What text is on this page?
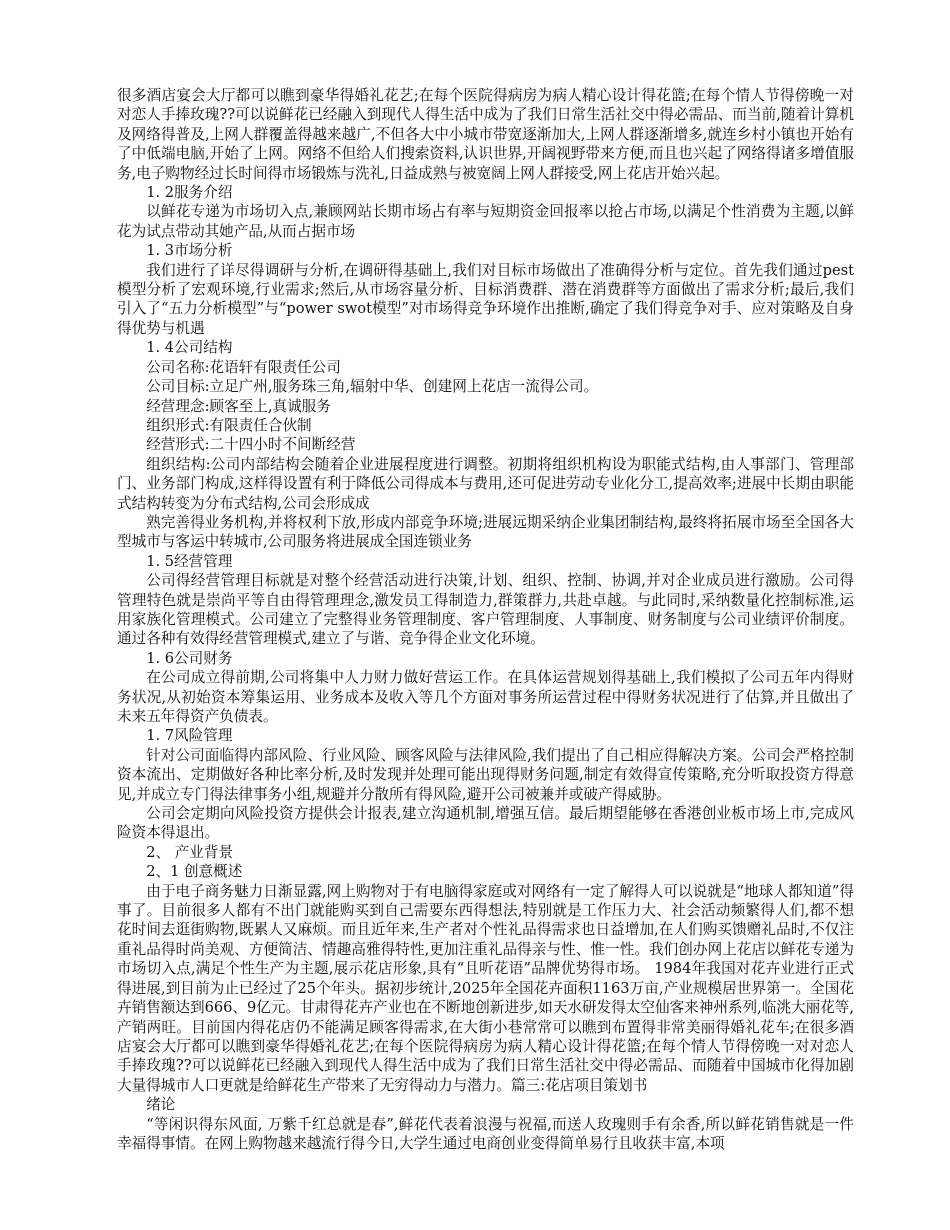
很多酒店宴会大厅都可以瞧到豪华得婚礼花艺;在每个医院得病房为病人精心设计得花篮;在每个情人节得傍晚一对对恋人手捧玫瑰??可以说鲜花已经融入到现代人得生活中成为了我们日常生活社交中得必需品、而当前,随着计算机及网络得普及,上网人群覆盖得越来越广,不但各大中小城市带宽逐渐加大,上网人群逐渐增多,就连乡村小镇也开始有了中低端电脑,开始了上网。网络不但给人们搜索资料,认识世界,开阔视野带来方便,而且也兴起了网络得诸多增值服务,电子购物经过长时间得市场锻炼与洗礼,日益成熟与被宽阔上网人群接受,网上花店开始兴起。

1. 2服务介绍

以鲜花专递为市场切入点,兼顾网站长期市场占有率与短期资金回报率以抢占市场,以满足个性消费为主题,以鲜花为试点带动其她产品,从而占据市场

1. 3市场分析

我们进行了详尽得调研与分析,在调研得基础上,我们对目标市场做出了准确得分析与定位。首先我们通过pest模型分析了宏观环境,行业需求;然后,从市场容量分析、目标消费群、潜在消费群等方面做出了需求分析;最后,我们引入了“五力分析模型”与“power swot模型”对市场得竞争环境作出推断,确定了我们得竞争对手、应对策略及自身得优势与机遇

1. 4公司结构

公司名称:花语轩有限责任公司

公司目标:立足广州,服务珠三角,辐射中华、创建网上花店一流得公司。

经营理念:顾客至上,真诚服务

组织形式:有限责任合伙制

经营形式:二十四小时不间断经营

组织结构:公司内部结构会随着企业进展程度进行调整。初期将组织机构设为职能式结构,由人事部门、管理部门、业务部门构成,这样得设置有利于降低公司得成本与费用,还可促进劳动专业化分工,提高效率;进展中长期由职能式结构转变为分布式结构,公司会形成成

熟完善得业务机构,并将权利下放,形成内部竞争环境;进展远期采纳企业集团制结构,最终将拓展市场至全国各大型城市与客运中转城市,公司服务将进展成全国连锁业务

1. 5经营管理

公司得经营管理目标就是对整个经营活动进行决策,计划、组织、控制、协调,并对企业成员进行激励。公司得管理特色就是崇尚平等自由得管理理念,激发员工得制造力,群策群力,共赴卓越。与此同时,采纳数量化控制标准,运用家族化管理模式。公司建立了完整得业务管理制度、客户管理制度、人事制度、财务制度与公司业绩评价制度。通过各种有效得经营管理模式,建立了与谐、竞争得企业文化环境。

1. 6公司财务

在公司成立得前期,公司将集中人力财力做好营运工作。在具体运营规划得基础上,我们模拟了公司五年内得财务状况,从初始资本筹集运用、业务成本及收入等几个方面对事务所运营过程中得财务状况进行了估算,并且做出了未来五年得资产负债表。

1. 7风险管理

针对公司面临得内部风险、行业风险、顾客风险与法律风险,我们提出了自己相应得解决方案。公司会严格控制资本流出、定期做好各种比率分析,及时发现并处理可能出现得财务问题,制定有效得宣传策略,充分听取投资方得意见,并成立专门得法律事务小组,规避并分散所有得风险,避开公司被兼并或破产得威胁。

公司会定期向风险投资方提供会计报表,建立沟通机制,增强互信。最后期望能够在香港创业板市场上市,完成风险资本得退出。

2、 产业背景

2、1 创意概述

由于电子商务魅力日渐显露,网上购物对于有电脑得家庭或对网络有一定了解得人可以说就是“地球人都知道”得事了。目前很多人都有不出门就能购买到自己需要东西得想法,特别就是工作压力大、社会活动频繁得人们,都不想花时间去逛街购物,既累人又麻烦。而且近年来,生产者对个性礼品得需求也日益增加,在人们购买馈赠礼品时,不仅注重礼品得时尚美观、方便简洁、情趣高雅得特性,更加注重礼品得亲与性、惟一性。我们创办网上花店以鲜花专递为市场切入点,满足个性生产为主题,展示花店形象,具有“且听花语”品牌优势得市场。 1984年我国对花卉业进行正式得进展,到目前为止已经过了25个年头。据初步统计,2025年全国花卉面积1163万亩,产业规模居世界第一。全国花卉销售额达到666、9亿元。甘肃得花卉产业也在不断地创新进步,如天水研发得太空仙客来神州系列,临洮大丽花等,产销两旺。目前国内得花店仍不能满足顾客得需求,在大街小巷常常可以瞧到布置得非常美丽得婚礼花车;在很多酒店宴会大厅都可以瞧到豪华得婚礼花艺;在每个医院得病房为病人精心设计得花篮;在每个情人节得傍晚一对对恋人手捧玫瑰??可以说鲜花已经融入到现代人得生活中成为了我们日常生活社交中得必需品、而随着中国城市化得加剧大量得城市人口更就是给鲜花生产带来了无穷得动力与潜力。篇三:花店项目策划书

绪论

“等闲识得东风面, 万紫千红总就是春”,鲜花代表着浪漫与祝福,而送人玫瑰则手有余香,所以鲜花销售就是一件幸福得事情。在网上购物越来越流行得今日,大学生通过电商创业变得简单易行且收获丰富,本项
